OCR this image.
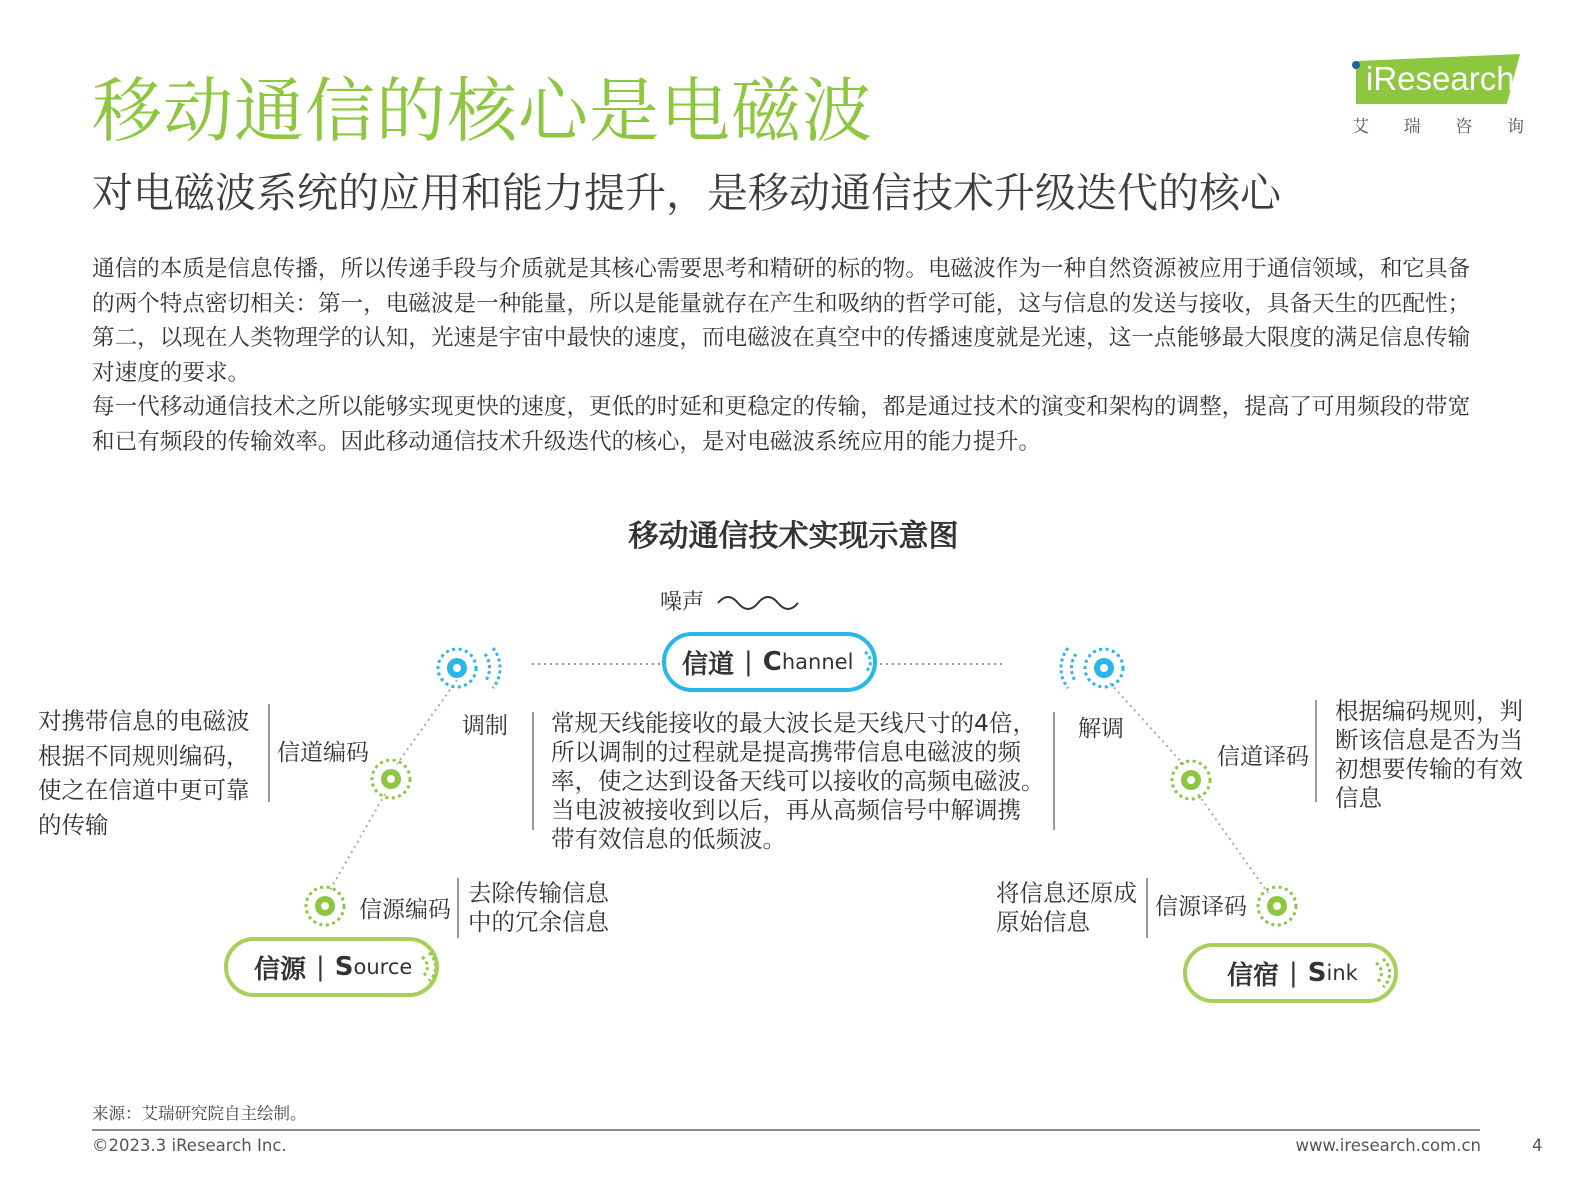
移动通信的核心是电磁波
对电磁波系统的应用和能力提升，是移动通信技术升级迭代的核心
iResearch
艾 瑞 咨 询

通信的本质是信息传播，所以传递手段与介质就是其核心需要思考和精研的标的物。电磁波作为一种自然资源被应用于通信领域，和它具备的两个特点密切相关：第一，电磁波是一种能量，所以是能量就存在产生和吸纳的哲学可能，这与信息的发送与接收，具备天生的匹配性；第二，以现在人类物理学的认知，光速是宇宙中最快的速度，而电磁波在真空中的传播速度就是光速，这一点能够最大限度的满足信息传输对速度的要求。

每一代移动通信技术之所以能够实现更快的速度，更低的时延和更稳定的传输，都是通过技术的演变和架构的调整，提高了可用频段的带宽和已有频段的传输效率。因此移动通信技术升级迭代的核心，是对电磁波系统应用的能力提升。

移动通信技术实现示意图
噪声
信道 | C hannel
信源 | S ource	信宿 | S ink
调制	解调
信道编码	信道译码
信源编码	信源译码
对携带信息的电磁波
根据不同规则编码，
使之在信道中更可靠
的传输
常规天线能接收的最大波长是天线尺寸的4倍，
所以调制的过程就是提高携带信息电磁波的频
率，使之达到设备天线可以接收的高频电磁波。
当电波被接收到以后，再从高频信号中解调携
带有效信息的低频波。
根据编码规则，判
断该信息是否为当
初想要传输的有效
信息
去除传输信息
中的冗余信息
将信息还原成
原始信息
来源：艾瑞研究院自主绘制。
©2023.3 iResearch Inc.	www.iresearch.com.cn	4
